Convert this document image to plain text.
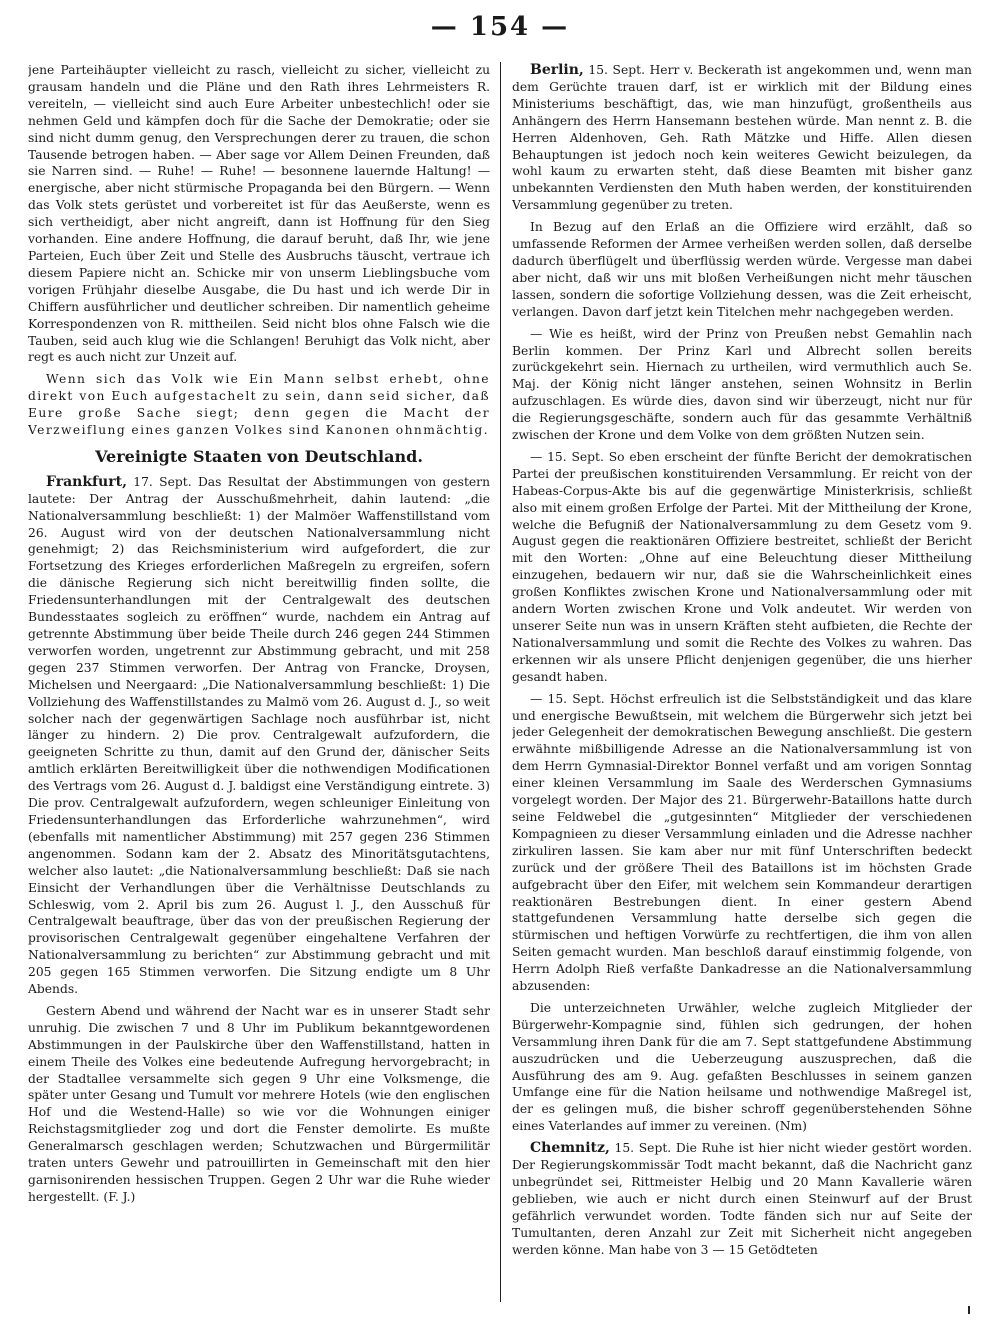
— 154 —

jene Parteihäupter vielleicht zu rasch, vielleicht zu sicher, vielleicht zu grausam handeln und die Pläne und den Rath ihres Lehrmeisters R. vereiteln, — vielleicht sind auch Eure Arbeiter unbestechlich! oder sie nehmen Geld und kämpfen doch für die Sache der Demokratie; oder sie sind nicht dumm genug, den Versprechungen derer zu trauen, die schon Tausende betrogen haben. — Aber sage vor Allem Deinen Freunden, daß sie Narren sind. — Ruhe! — Ruhe! — besonnene lauernde Haltung! — energische, aber nicht stürmische Propaganda bei den Bürgern. — Wenn das Volk stets gerüstet und vorbereitet ist für das Aeußerste, wenn es sich vertheidigt, aber nicht angreift, dann ist Hoffnung für den Sieg vorhanden. Eine andere Hoffnung, die darauf beruht, daß Ihr, wie jene Parteien, Euch über Zeit und Stelle des Ausbruchs täuscht, vertraue ich diesem Papiere nicht an. Schicke mir von unserm Lieblingsbuche vom vorigen Frühjahr dieselbe Ausgabe, die Du hast und ich werde Dir in Chiffern ausführlicher und deutlicher schreiben. Dir namentlich geheime Korrespondenzen von R. mittheilen. Seid nicht blos ohne Falsch wie die Tauben, seid auch klug wie die Schlangen! Beruhigt das Volk nicht, aber regt es auch nicht zur Unzeit auf.

Wenn sich das Volk wie Ein Mann selbst erhebt, ohne direkt von Euch aufgestachelt zu sein, dann seid sicher, daß Eure große Sache siegt; denn gegen die Macht der Verzweiflung eines ganzen Volkes sind Kanonen ohnmächtig.

Vereinigte Staaten von Deutschland.

Frankfurt, 17. Sept. Das Resultat der Abstimmungen von gestern lautete: Der Antrag der Ausschußmehrheit, dahin lautend: „die Nationalversammlung beschließt: 1) der Malmöer Waffenstillstand vom 26. August wird von der deutschen Nationalversammlung nicht genehmigt; 2) das Reichsministerium wird aufgefordert, die zur Fortsetzung des Krieges erforderlichen Maßregeln zu ergreifen, sofern die dänische Regierung sich nicht bereitwillig finden sollte, die Friedensunterhandlungen mit der Centralgewalt des deutschen Bundesstaates sogleich zu eröffnen“ wurde, nachdem ein Antrag auf getrennte Abstimmung über beide Theile durch 246 gegen 244 Stimmen verworfen worden, ungetrennt zur Abstimmung gebracht, und mit 258 gegen 237 Stimmen verworfen. Der Antrag von Francke, Droysen, Michelsen und Neergaard: „Die Nationalversammlung beschließt: 1) Die Vollziehung des Waffenstillstandes zu Malmö vom 26. August d. J., so weit solcher nach der gegenwärtigen Sachlage noch ausführbar ist, nicht länger zu hindern. 2) Die prov. Centralgewalt aufzufordern, die geeigneten Schritte zu thun, damit auf den Grund der, dänischer Seits amtlich erklärten Bereitwilligkeit über die nothwendigen Modificationen des Vertrags vom 26. August d. J. baldigst eine Verständigung eintrete. 3) Die prov. Centralgewalt aufzufordern, wegen schleuniger Einleitung von Friedensunterhandlungen das Erforderliche wahrzunehmen“, wird (ebenfalls mit namentlicher Abstimmung) mit 257 gegen 236 Stimmen angenommen. Sodann kam der 2. Absatz des Minoritätsgutachtens, welcher also lautet: „die Nationalversammlung beschließt: Daß sie nach Einsicht der Verhandlungen über die Verhältnisse Deutschlands zu Schleswig, vom 2. April bis zum 26. August l. J., den Ausschuß für Centralgewalt beauftrage, über das von der preußischen Regierung der provisorischen Centralgewalt gegenüber eingehaltene Verfahren der Nationalversammlung zu berichten“ zur Abstimmung gebracht und mit 205 gegen 165 Stimmen verworfen. Die Sitzung endigte um 8 Uhr Abends.

Gestern Abend und während der Nacht war es in unserer Stadt sehr unruhig. Die zwischen 7 und 8 Uhr im Publikum bekanntgewordenen Abstimmungen in der Paulskirche über den Waffenstillstand, hatten in einem Theile des Volkes eine bedeutende Aufregung hervorgebracht; in der Stadtallee versammelte sich gegen 9 Uhr eine Volksmenge, die später unter Gesang und Tumult vor mehrere Hotels (wie den englischen Hof und die Westend-Halle) so wie vor die Wohnungen einiger Reichstagsmitglieder zog und dort die Fenster demolirte. Es mußte Generalmarsch geschlagen werden; Schutzwachen und Bürgermilitär traten unters Gewehr und patrouillirten in Gemeinschaft mit den hier garnisonirenden hessischen Truppen. Gegen 2 Uhr war die Ruhe wieder hergestellt. (F. J.)

Berlin, 15. Sept. Herr v. Beckerath ist angekommen und, wenn man dem Gerüchte trauen darf, ist er wirklich mit der Bildung eines Ministeriums beschäftigt, das, wie man hinzufügt, großentheils aus Anhängern des Herrn Hansemann bestehen würde. Man nennt z. B. die Herren Aldenhoven, Geh. Rath Mätzke und Hiffe. Allen diesen Behauptungen ist jedoch noch kein weiteres Gewicht beizulegen, da wohl kaum zu erwarten steht, daß diese Beamten mit bisher ganz unbekannten Verdiensten den Muth haben werden, der konstituirenden Versammlung gegenüber zu treten.

In Bezug auf den Erlaß an die Offiziere wird erzählt, daß so umfassende Reformen der Armee verheißen werden sollen, daß derselbe dadurch überflügelt und überflüssig werden würde. Vergesse man dabei aber nicht, daß wir uns mit bloßen Verheißungen nicht mehr täuschen lassen, sondern die sofortige Vollziehung dessen, was die Zeit erheischt, verlangen. Davon darf jetzt kein Titelchen mehr nachgegeben werden.

— Wie es heißt, wird der Prinz von Preußen nebst Gemahlin nach Berlin kommen. Der Prinz Karl und Albrecht sollen bereits zurückgekehrt sein. Hiernach zu urtheilen, wird vermuthlich auch Se. Maj. der König nicht länger anstehen, seinen Wohnsitz in Berlin aufzuschlagen. Es würde dies, davon sind wir überzeugt, nicht nur für die Regierungsgeschäfte, sondern auch für das gesammte Verhältniß zwischen der Krone und dem Volke von dem größten Nutzen sein.

— 15. Sept. So eben erscheint der fünfte Bericht der demokratischen Partei der preußischen konstituirenden Versammlung. Er reicht von der Habeas-Corpus-Akte bis auf die gegenwärtige Ministerkrisis, schließt also mit einem großen Erfolge der Partei. Mit der Mittheilung der Krone, welche die Befugniß der Nationalversammlung zu dem Gesetz vom 9. August gegen die reaktionären Offiziere bestreitet, schließt der Bericht mit den Worten: „Ohne auf eine Beleuchtung dieser Mittheilung einzugehen, bedauern wir nur, daß sie die Wahrscheinlichkeit eines großen Konfliktes zwischen Krone und Nationalversammlung oder mit andern Worten zwischen Krone und Volk andeutet. Wir werden von unserer Seite nun was in unsern Kräften steht aufbieten, die Rechte der Nationalversammlung und somit die Rechte des Volkes zu wahren. Das erkennen wir als unsere Pflicht denjenigen gegenüber, die uns hierher gesandt haben.

— 15. Sept. Höchst erfreulich ist die Selbstständigkeit und das klare und energische Bewußtsein, mit welchem die Bürgerwehr sich jetzt bei jeder Gelegenheit der demokratischen Bewegung anschließt. Die gestern erwähnte mißbilligende Adresse an die Nationalversammlung ist von dem Herrn Gymnasial-Direktor Bonnel verfaßt und am vorigen Sonntag einer kleinen Versammlung im Saale des Werderschen Gymnasiums vorgelegt worden. Der Major des 21. Bürgerwehr-Bataillons hatte durch seine Feldwebel die „gutgesinnten“ Mitglieder der verschiedenen Kompagnieen zu dieser Versammlung einladen und die Adresse nachher zirkuliren lassen. Sie kam aber nur mit fünf Unterschriften bedeckt zurück und der größere Theil des Bataillons ist im höchsten Grade aufgebracht über den Eifer, mit welchem sein Kommandeur derartigen reaktionären Bestrebungen dient. In einer gestern Abend stattgefundenen Versammlung hatte derselbe sich gegen die stürmischen und heftigen Vorwürfe zu rechtfertigen, die ihm von allen Seiten gemacht wurden. Man beschloß darauf einstimmig folgende, von Herrn Adolph Rieß verfaßte Dankadresse an die Nationalversammlung abzusenden:

Die unterzeichneten Urwähler, welche zugleich Mitglieder der Bürgerwehr-Kompagnie sind, fühlen sich gedrungen, der hohen Versammlung ihren Dank für die am 7. Sept stattgefundene Abstimmung auszudrücken und die Ueberzeugung auszusprechen, daß die Ausführung des am 9. Aug. gefaßten Beschlusses in seinem ganzen Umfange eine für die Nation heilsame und nothwendige Maßregel ist, der es gelingen muß, die bisher schroff gegenüberstehenden Söhne eines Vaterlandes auf immer zu vereinen. (Nm)

Chemnitz, 15. Sept. Die Ruhe ist hier nicht wieder gestört worden. Der Regierungskommissär Todt macht bekannt, daß die Nachricht ganz unbegründet sei, Rittmeister Helbig und 20 Mann Kavallerie wären geblieben, wie auch er nicht durch einen Steinwurf auf der Brust gefährlich verwundet worden. Todte fänden sich nur auf Seite der Tumultanten, deren Anzahl zur Zeit mit Sicherheit nicht angegeben werden könne. Man habe von 3 — 15 Getödteten
